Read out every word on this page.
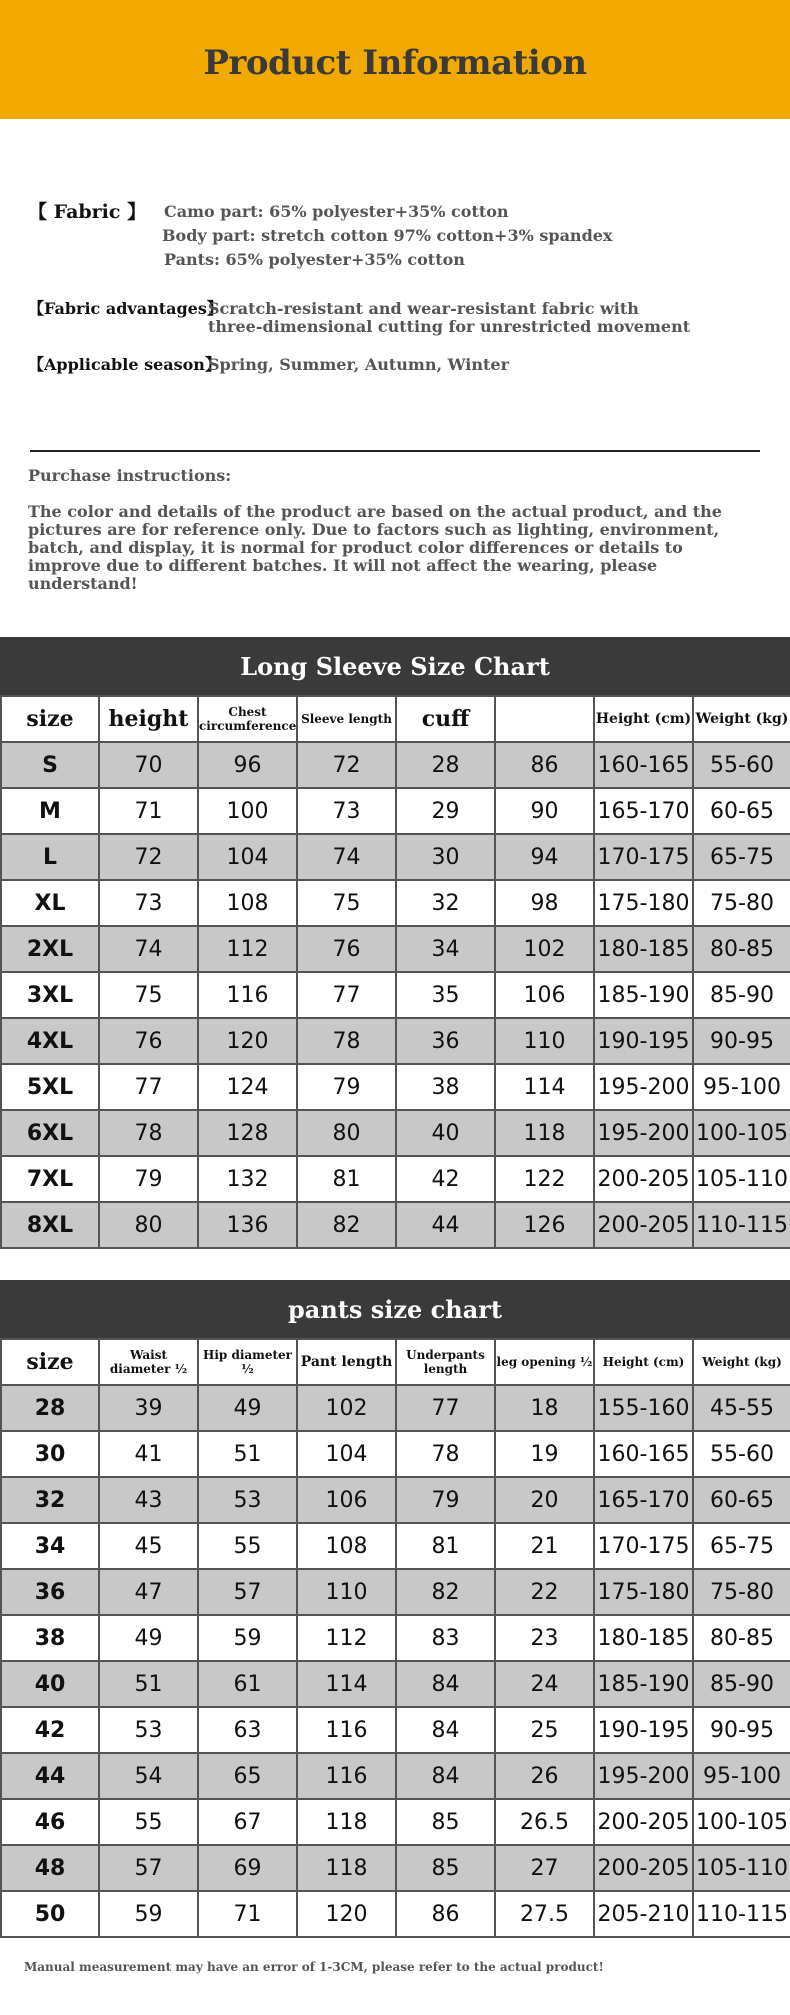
Product Information
【 Fabric 】	Camo part: 65% polyester+35% cotton
Body part: stretch cotton 97% cotton+3% spandex
Pants: 65% polyester+35% cotton
【Fabric advantages】
Scratch-resistant and wear-resistant fabric with
three-dimensional cutting for unrestricted movement
【Applicable season】
Spring, Summer, Autumn, Winter

Purchase instructions:

The color and details of the product are based on the actual product, and the pictures are for reference only. Due to factors such as lighting, environment, batch, and display, it is normal for product color differences or details to improve due to different batches. It will not affect the wearing, please understand!

Long Sleeve Size Chart
size	height	Chest circumference	Sleeve length	cuff		Height (cm)	Weight (kg)
S	70	96	72	28	86	160-165	55-60
M	71	100	73	29	90	165-170	60-65
L	72	104	74	30	94	170-175	65-75
XL	73	108	75	32	98	175-180	75-80
2XL	74	112	76	34	102	180-185	80-85
3XL	75	116	77	35	106	185-190	85-90
4XL	76	120	78	36	110	190-195	90-95
5XL	77	124	79	38	114	195-200	95-100
6XL	78	128	80	40	118	195-200	100-105
7XL	79	132	81	42	122	200-205	105-110
8XL	80	136	82	44	126	200-205	110-115
pants size chart
size	Waist diameter ½	Hip diameter ½	Pant length	Underpants length	leg opening ½	Height (cm)	Weight (kg)
28	39	49	102	77	18	155-160	45-55
30	41	51	104	78	19	160-165	55-60
32	43	53	106	79	20	165-170	60-65
34	45	55	108	81	21	170-175	65-75
36	47	57	110	82	22	175-180	75-80
38	49	59	112	83	23	180-185	80-85
40	51	61	114	84	24	185-190	85-90
42	53	63	116	84	25	190-195	90-95
44	54	65	116	84	26	195-200	95-100
46	55	67	118	85	26.5	200-205	100-105
48	57	69	118	85	27	200-205	105-110
50	59	71	120	86	27.5	205-210	110-115
Manual measurement may have an error of 1-3CM, please refer to the actual product!
